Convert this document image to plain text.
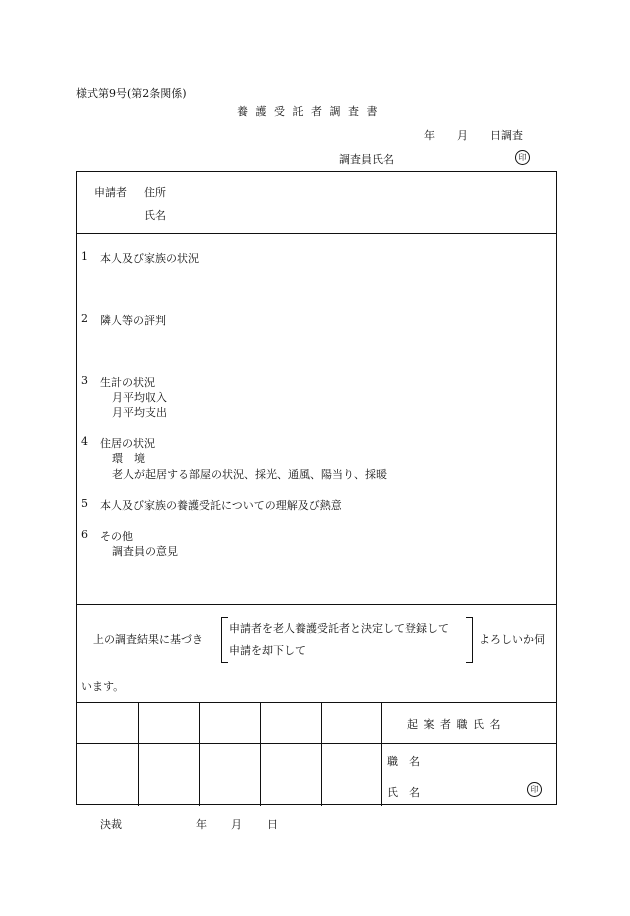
様式第9号(第2条関係)
養 護 受 託 者 調 査 書
年 月 日調査
調査員氏名	印
申請者 住所
氏名
1 本人及び家族の状況
2 隣人等の評判
3 生計の状況
月平均収入
月平均支出
4 住居の状況
環　境
老人が起居する部屋の状況、採光、通風、陽当り、採暖
5 本人及び家族の養護受託についての理解及び熱意
6 その他
調査員の意見
上の調査結果に基づき
申請者を老人養護受託者と決定して登録して
申請を却下して
よろしいか伺
います。
起 案 者 職 氏 名
職　名
氏　名	印
決裁	年 月 日
